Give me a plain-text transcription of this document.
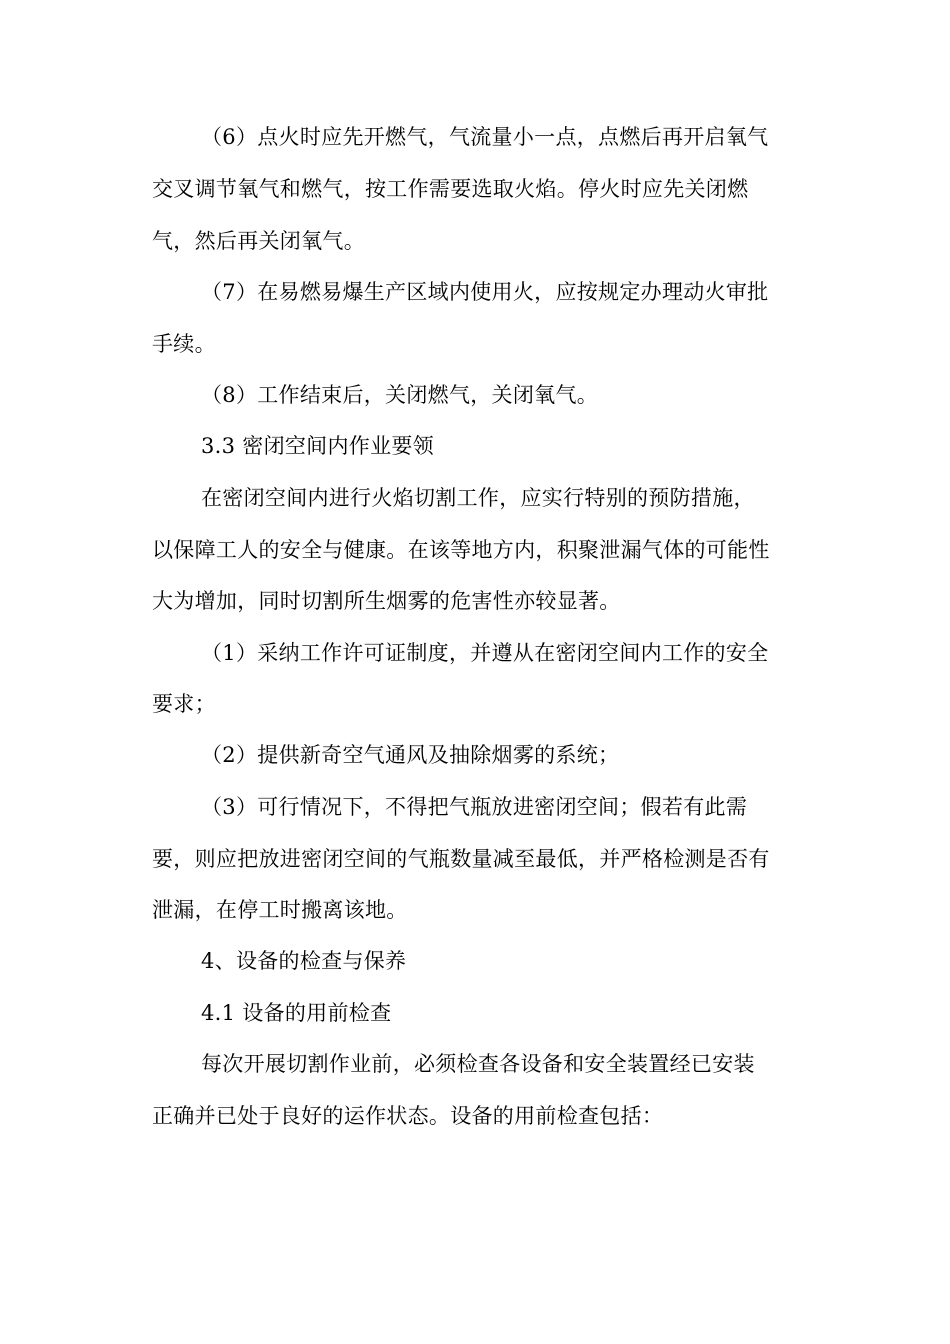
（6）点火时应先开燃气，气流量小一点，点燃后再开启氧气
交叉调节氧气和燃气，按工作需要选取火焰。停火时应先关闭燃
气，然后再关闭氧气。
（7）在易燃易爆生产区域内使用火，应按规定办理动火审批
手续。
（8）工作结束后，关闭燃气，关闭氧气。
3.3 密闭空间内作业要领
在密闭空间内进行火焰切割工作，应实行特别的预防措施，
以保障工人的安全与健康。在该等地方内，积聚泄漏气体的可能性
大为增加，同时切割所生烟雾的危害性亦较显著。
（1）采纳工作许可证制度，并遵从在密闭空间内工作的安全
要求；
（2）提供新奇空气通风及抽除烟雾的系统；
（3）可行情况下，不得把气瓶放进密闭空间；假若有此需
要，则应把放进密闭空间的气瓶数量减至最低，并严格检测是否有
泄漏，在停工时搬离该地。
4、设备的检查与保养
4.1 设备的用前检查
每次开展切割作业前，必须检查各设备和安全装置经已安装
正确并已处于良好的运作状态。设备的用前检查包括：
